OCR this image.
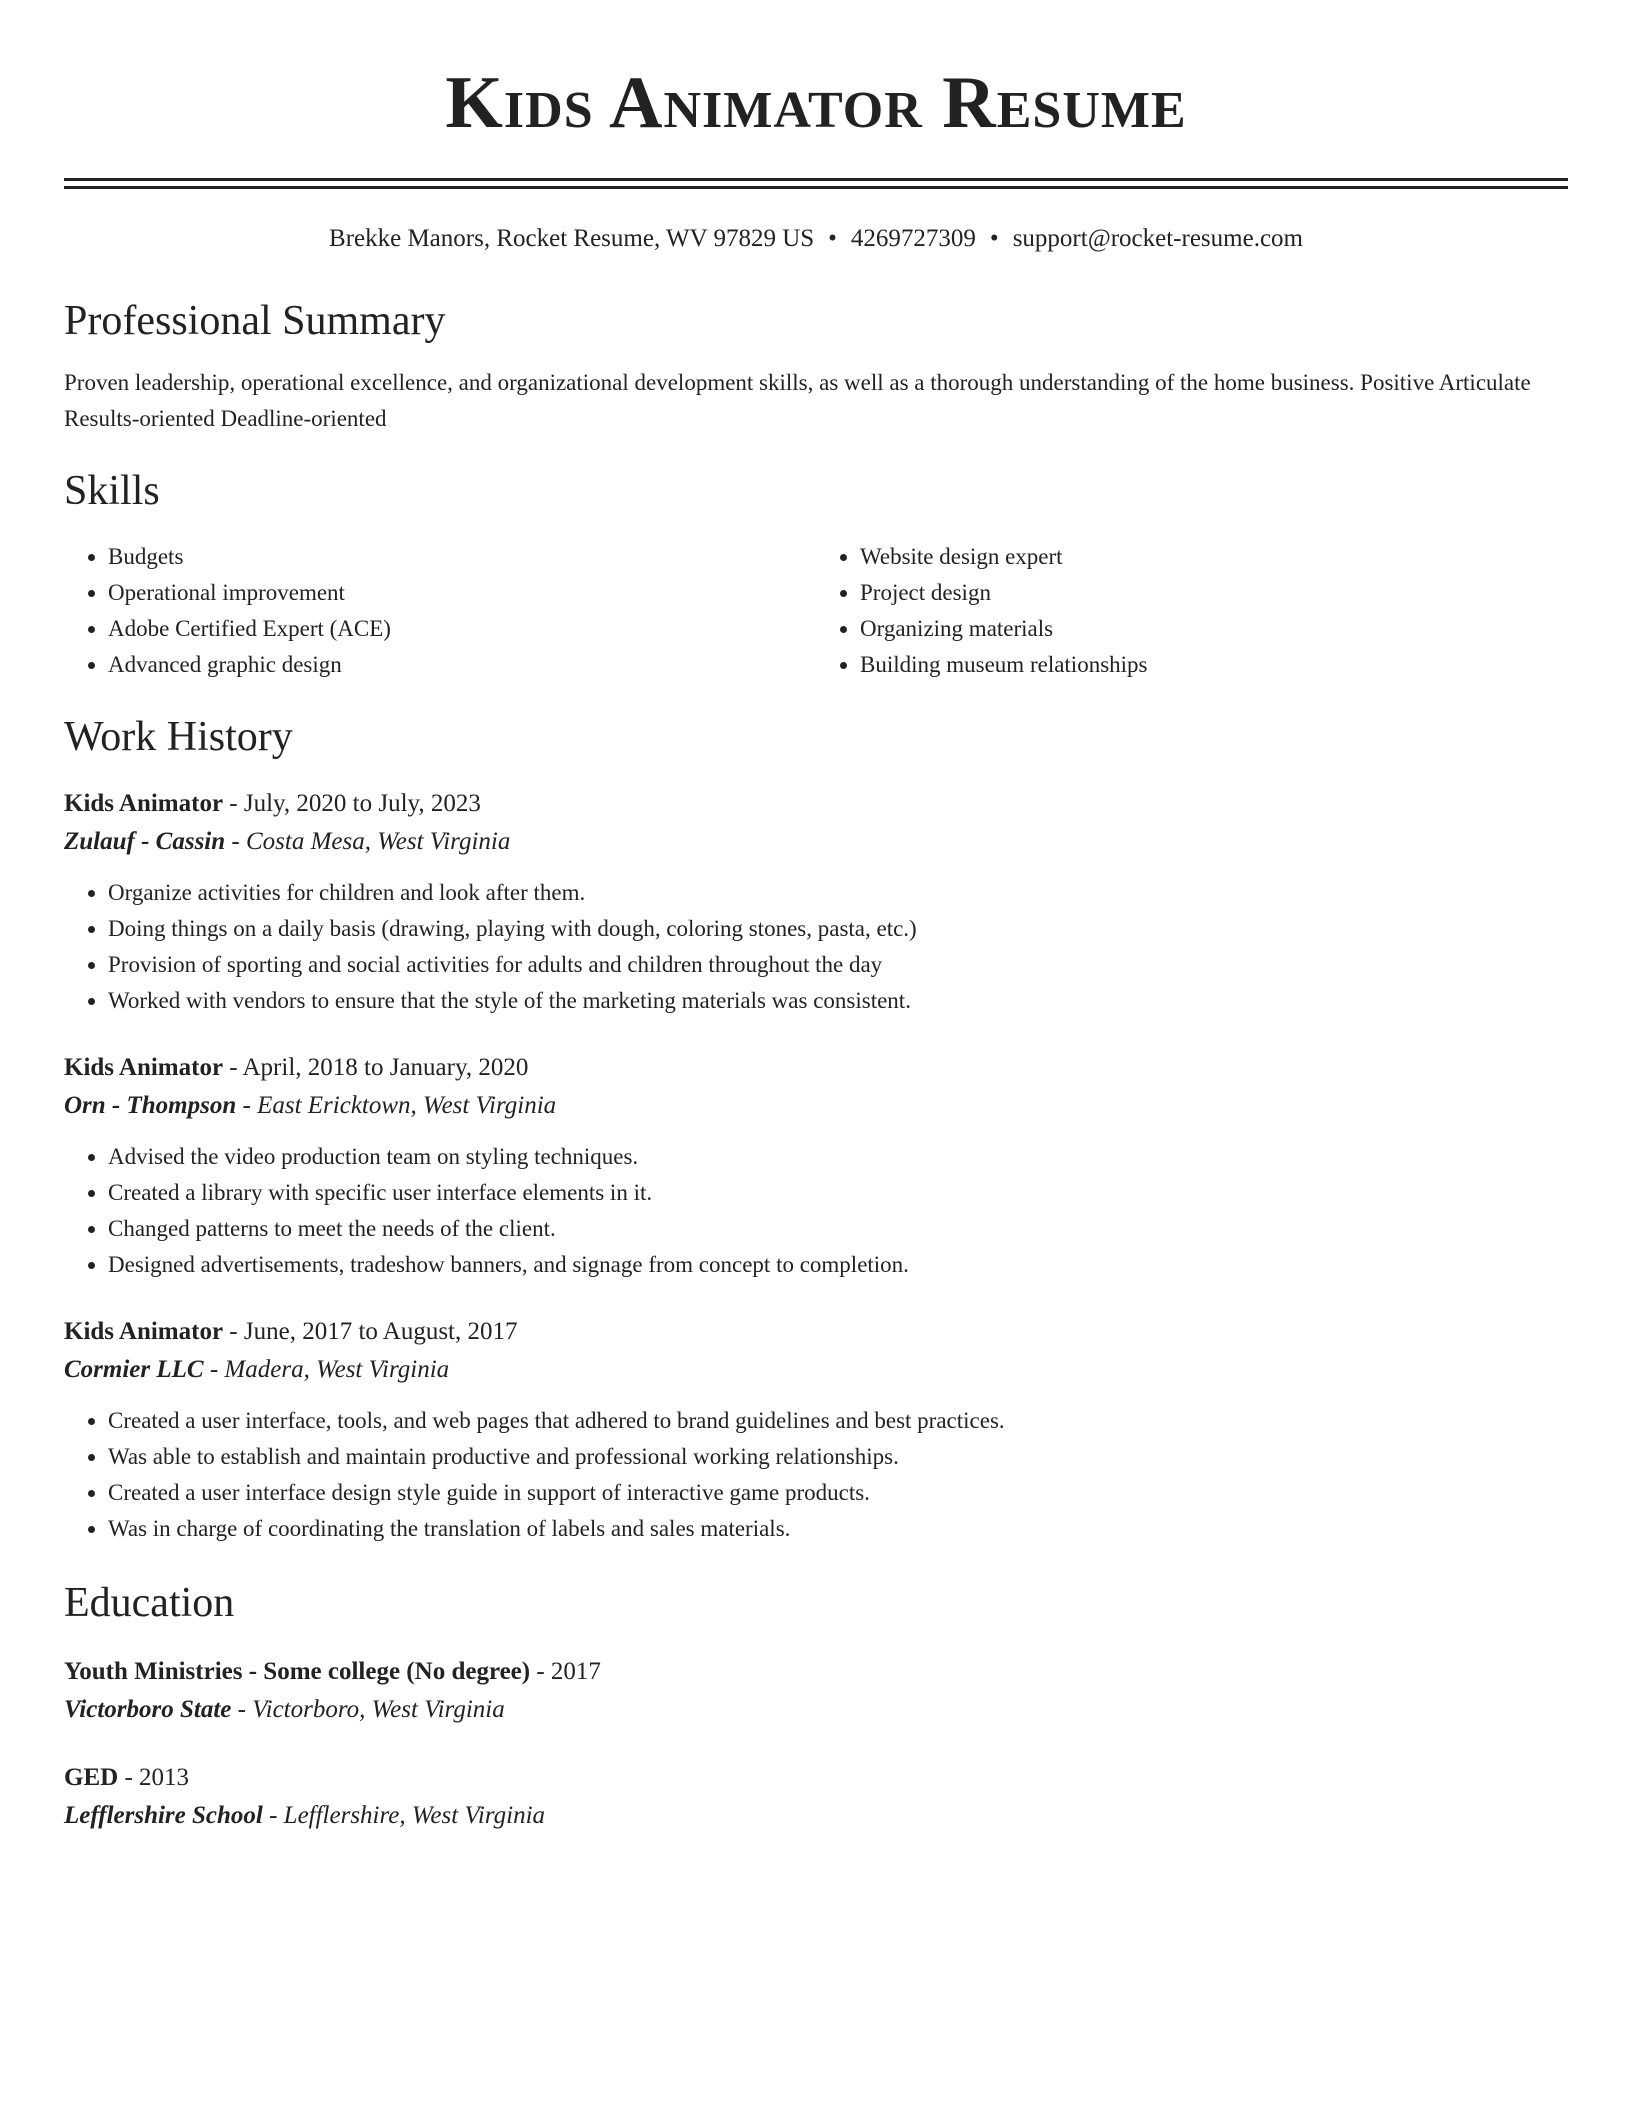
Kids Animator Resume
Brekke Manors, Rocket Resume, WV 97829 US • 4269727309 • support@rocket-resume.com
Professional Summary
Proven leadership, operational excellence, and organizational development skills, as well as a thorough understanding of the home business. Positive Articulate Results-oriented Deadline-oriented
Skills
• Budgets
• Operational improvement
• Adobe Certified Expert (ACE)
• Advanced graphic design
• Website design expert
• Project design
• Organizing materials
• Building museum relationships
Work History
Kids Animator - July, 2020 to July, 2023
Zulauf - Cassin - Costa Mesa, West Virginia
• Organize activities for children and look after them.
• Doing things on a daily basis (drawing, playing with dough, coloring stones, pasta, etc.)
• Provision of sporting and social activities for adults and children throughout the day
• Worked with vendors to ensure that the style of the marketing materials was consistent.
Kids Animator - April, 2018 to January, 2020
Orn - Thompson - East Ericktown, West Virginia
• Advised the video production team on styling techniques.
• Created a library with specific user interface elements in it.
• Changed patterns to meet the needs of the client.
• Designed advertisements, tradeshow banners, and signage from concept to completion.
Kids Animator - June, 2017 to August, 2017
Cormier LLC - Madera, West Virginia
• Created a user interface, tools, and web pages that adhered to brand guidelines and best practices.
• Was able to establish and maintain productive and professional working relationships.
• Created a user interface design style guide in support of interactive game products.
• Was in charge of coordinating the translation of labels and sales materials.
Education
Youth Ministries - Some college (No degree) - 2017
Victorboro State - Victorboro, West Virginia
GED - 2013
Lefflershire School - Lefflershire, West Virginia
